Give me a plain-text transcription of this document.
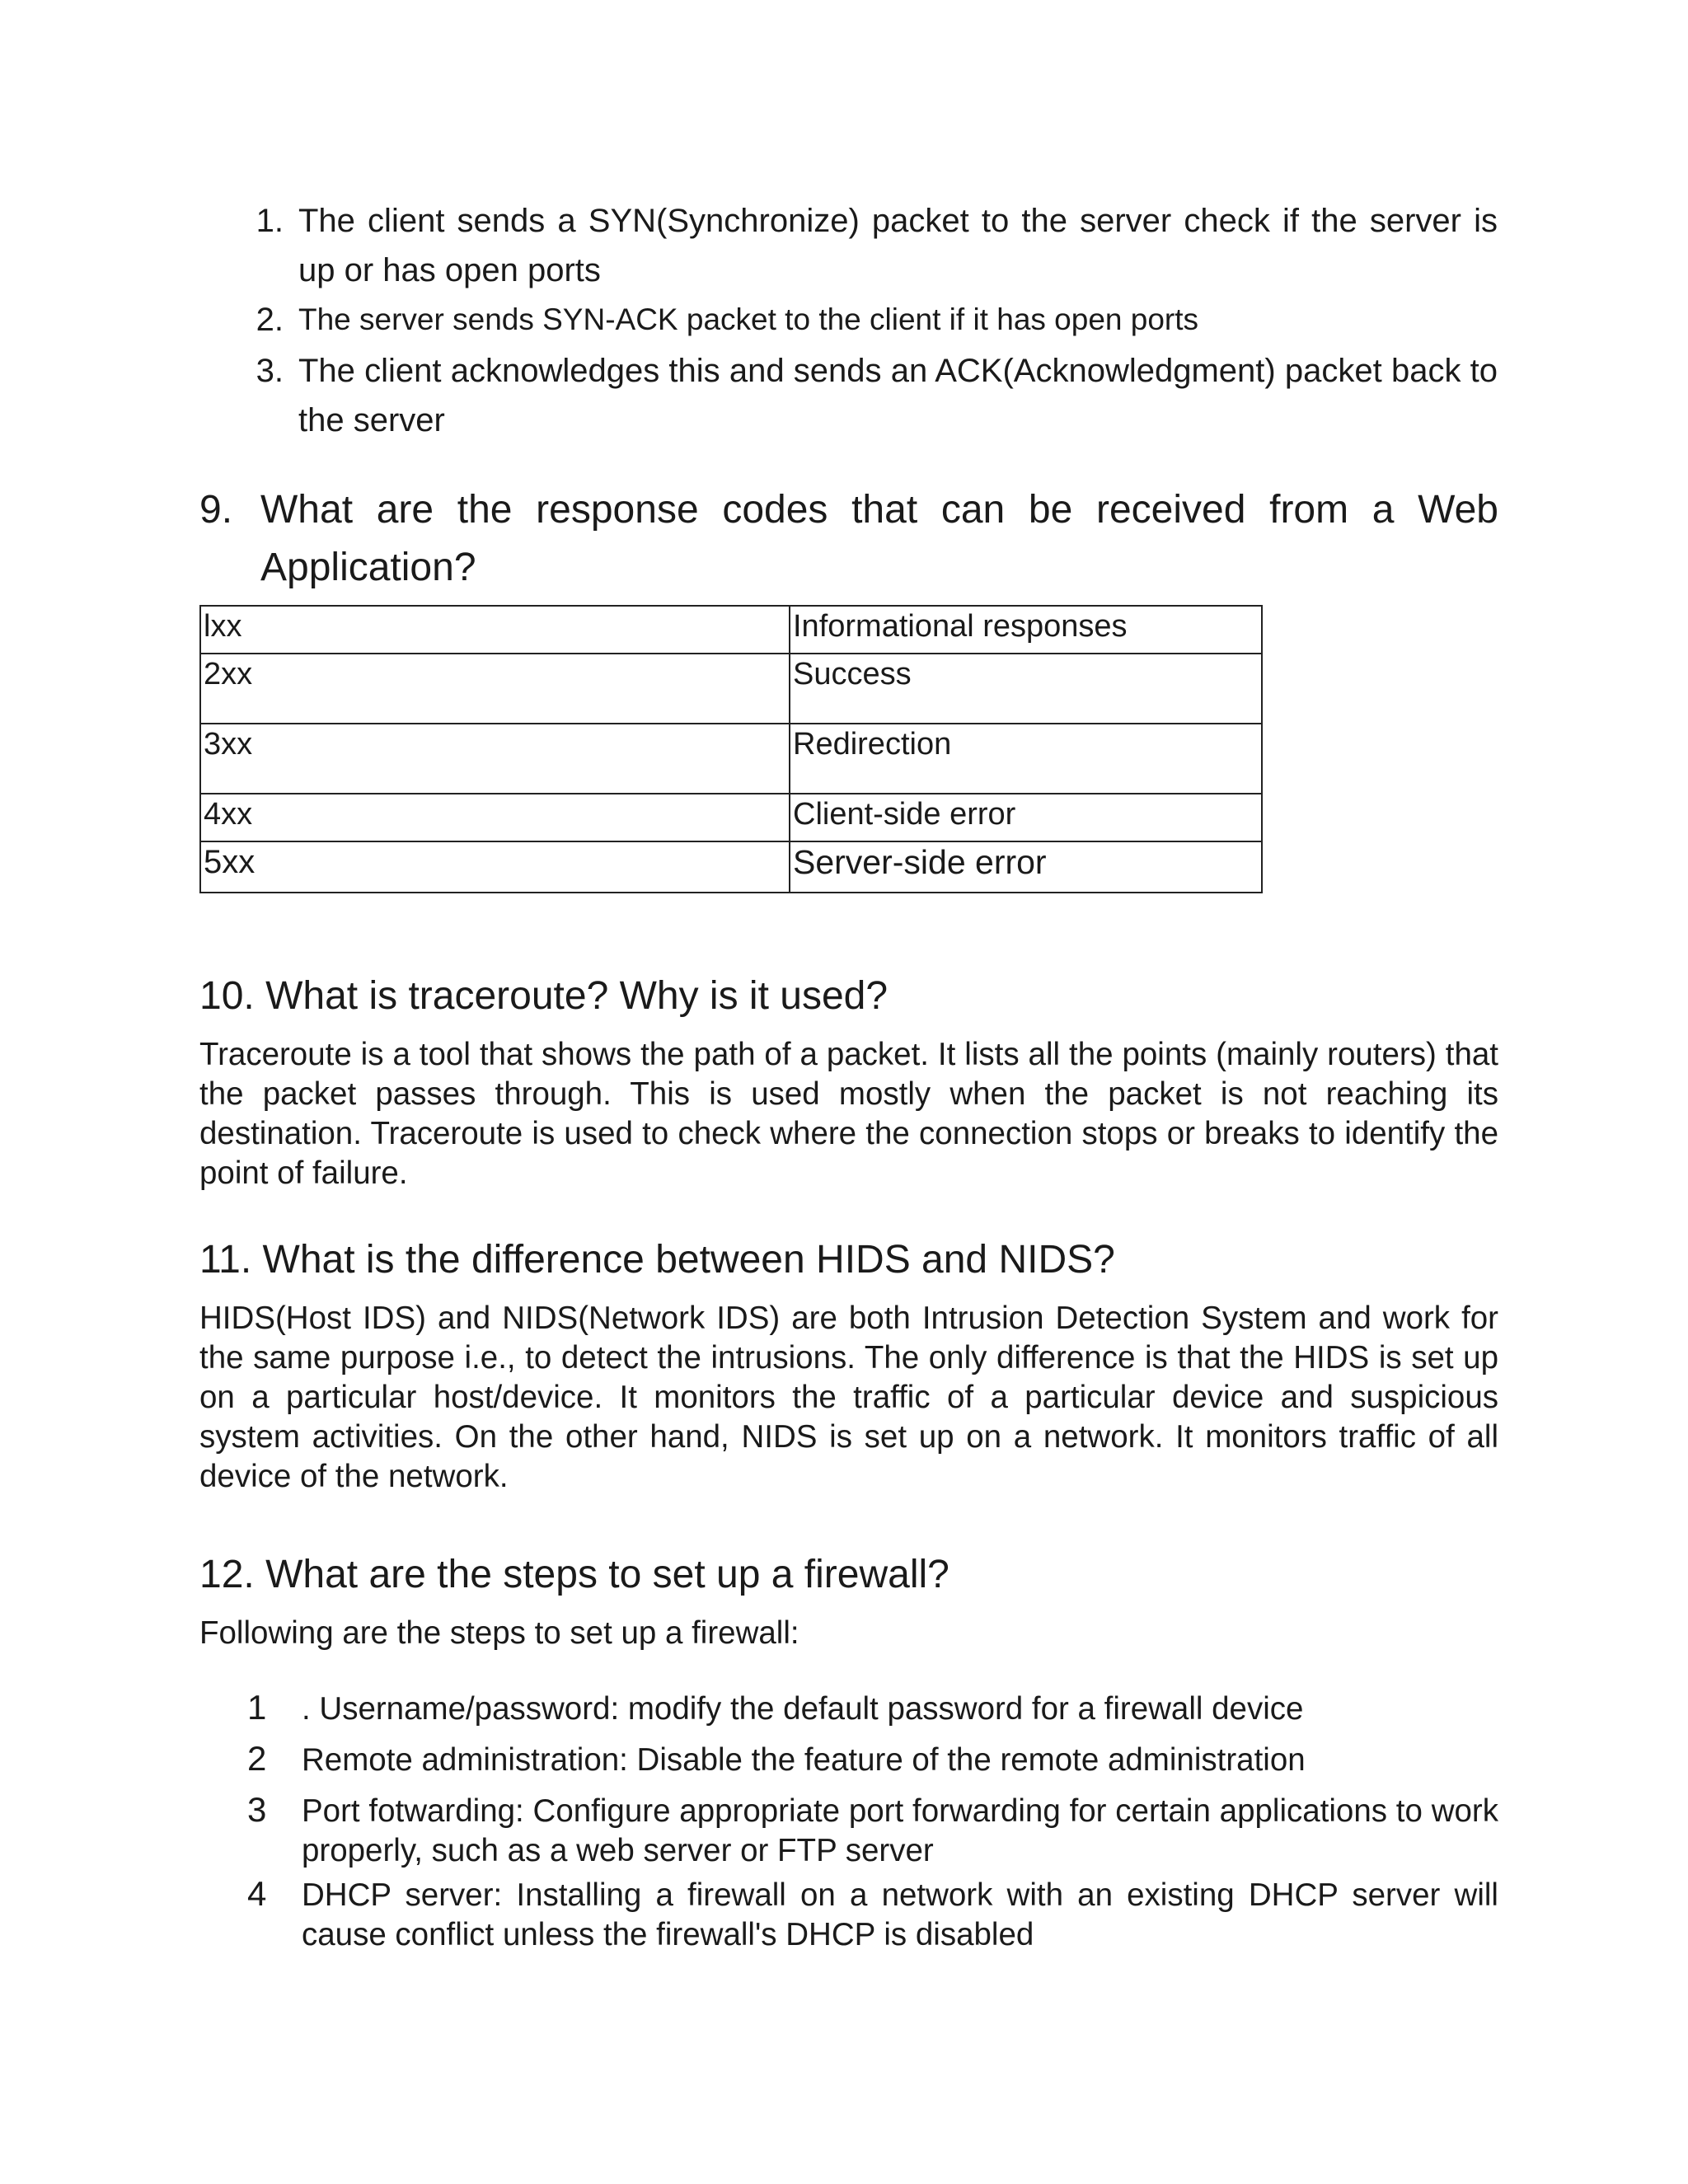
1. The client sends a SYN(Synchronize) packet to the server check if the server is up or has open ports
2. The server sends SYN-ACK packet to the client if it has open ports
3. The client acknowledges this and sends an ACK(Acknowledgment) packet back to the server
9. What are the response codes that can be received from a Web Application?
lxx	Informational responses
2xx	Success
3xx	Redirection
4xx	Client-side error
5xx	Server-side error
10. What is traceroute? Why is it used?

Traceroute is a tool that shows the path of a packet. It lists all the points (mainly routers) that the packet passes through. This is used mostly when the packet is not reaching its destination. Traceroute is used to check where the connection stops or breaks to identify the point of failure.

11. What is the difference between HIDS and NIDS?

HIDS(Host IDS) and NIDS(Network IDS) are both Intrusion Detection System and work for the same purpose i.e., to detect the intrusions. The only difference is that the HIDS is set up on a particular host/device. It monitors the traffic of a particular device and suspicious system activities. On the other hand, NIDS is set up on a network. It monitors traffic of all device of the network.

12. What are the steps to set up a firewall?

Following are the steps to set up a firewall:

1 . Username/password: modify the default password for a firewall device
2 Remote administration: Disable the feature of the remote administration
3 Port fotwarding: Configure appropriate port forwarding for certain applications to work properly, such as a web server or FTP server
4 DHCP server: Installing a firewall on a network with an existing DHCP server will cause conflict unless the firewall's DHCP is disabled
